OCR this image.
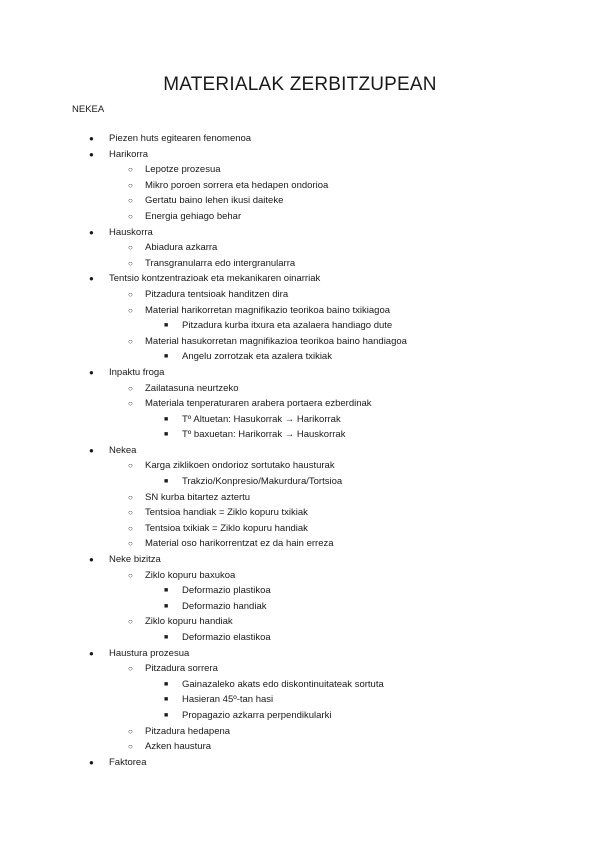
MATERIALAK ZERBITZUPEAN
NEKEA
● Piezen huts egitearen fenomenoa
● Harikorra
○ Lepotze prozesua
○ Mikro poroen sorrera eta hedapen ondorioa
○ Gertatu baino lehen ikusi daiteke
○ Energia gehiago behar
● Hauskorra
○ Abiadura azkarra
○ Transgranularra edo intergranularra
● Tentsio kontzentrazioak eta mekanikaren oinarriak
○ Pitzadura tentsioak handitzen dira
○ Material harikorretan magnifikazio teorikoa baino txikiagoa
■ Pitzadura kurba itxura eta azalaera handiago dute
○ Material hasukorretan magnifikazioa teorikoa baino handiagoa
■ Angelu zorrotzak eta azalera txikiak
● Inpaktu froga
○ Zailatasuna neurtzeko
○ Materiala tenperaturaren arabera portaera ezberdinak
■ Tº Altuetan: Hasukorrak → Harikorrak
■ Tº baxuetan: Harikorrak → Hauskorrak
● Nekea
○ Karga ziklikoen ondorioz sortutako hausturak
■ Trakzio/Konpresio/Makurdura/Tortsioa
○ SN kurba bitartez aztertu
○ Tentsioa handiak = Ziklo kopuru txikiak
○ Tentsioa txikiak = Ziklo kopuru handiak
○ Material oso harikorrentzat ez da hain erreza
● Neke bizitza
○ Ziklo kopuru baxukoa
■ Deformazio plastikoa
■ Deformazio handiak
○ Ziklo kopuru handiak
■ Deformazio elastikoa
● Haustura prozesua
○ Pitzadura sorrera
■ Gainazaleko akats edo diskontinuitateak sortuta
■ Hasieran 45º-tan hasi
■ Propagazio azkarra perpendikularki
○ Pitzadura hedapena
○ Azken haustura
● Faktorea
